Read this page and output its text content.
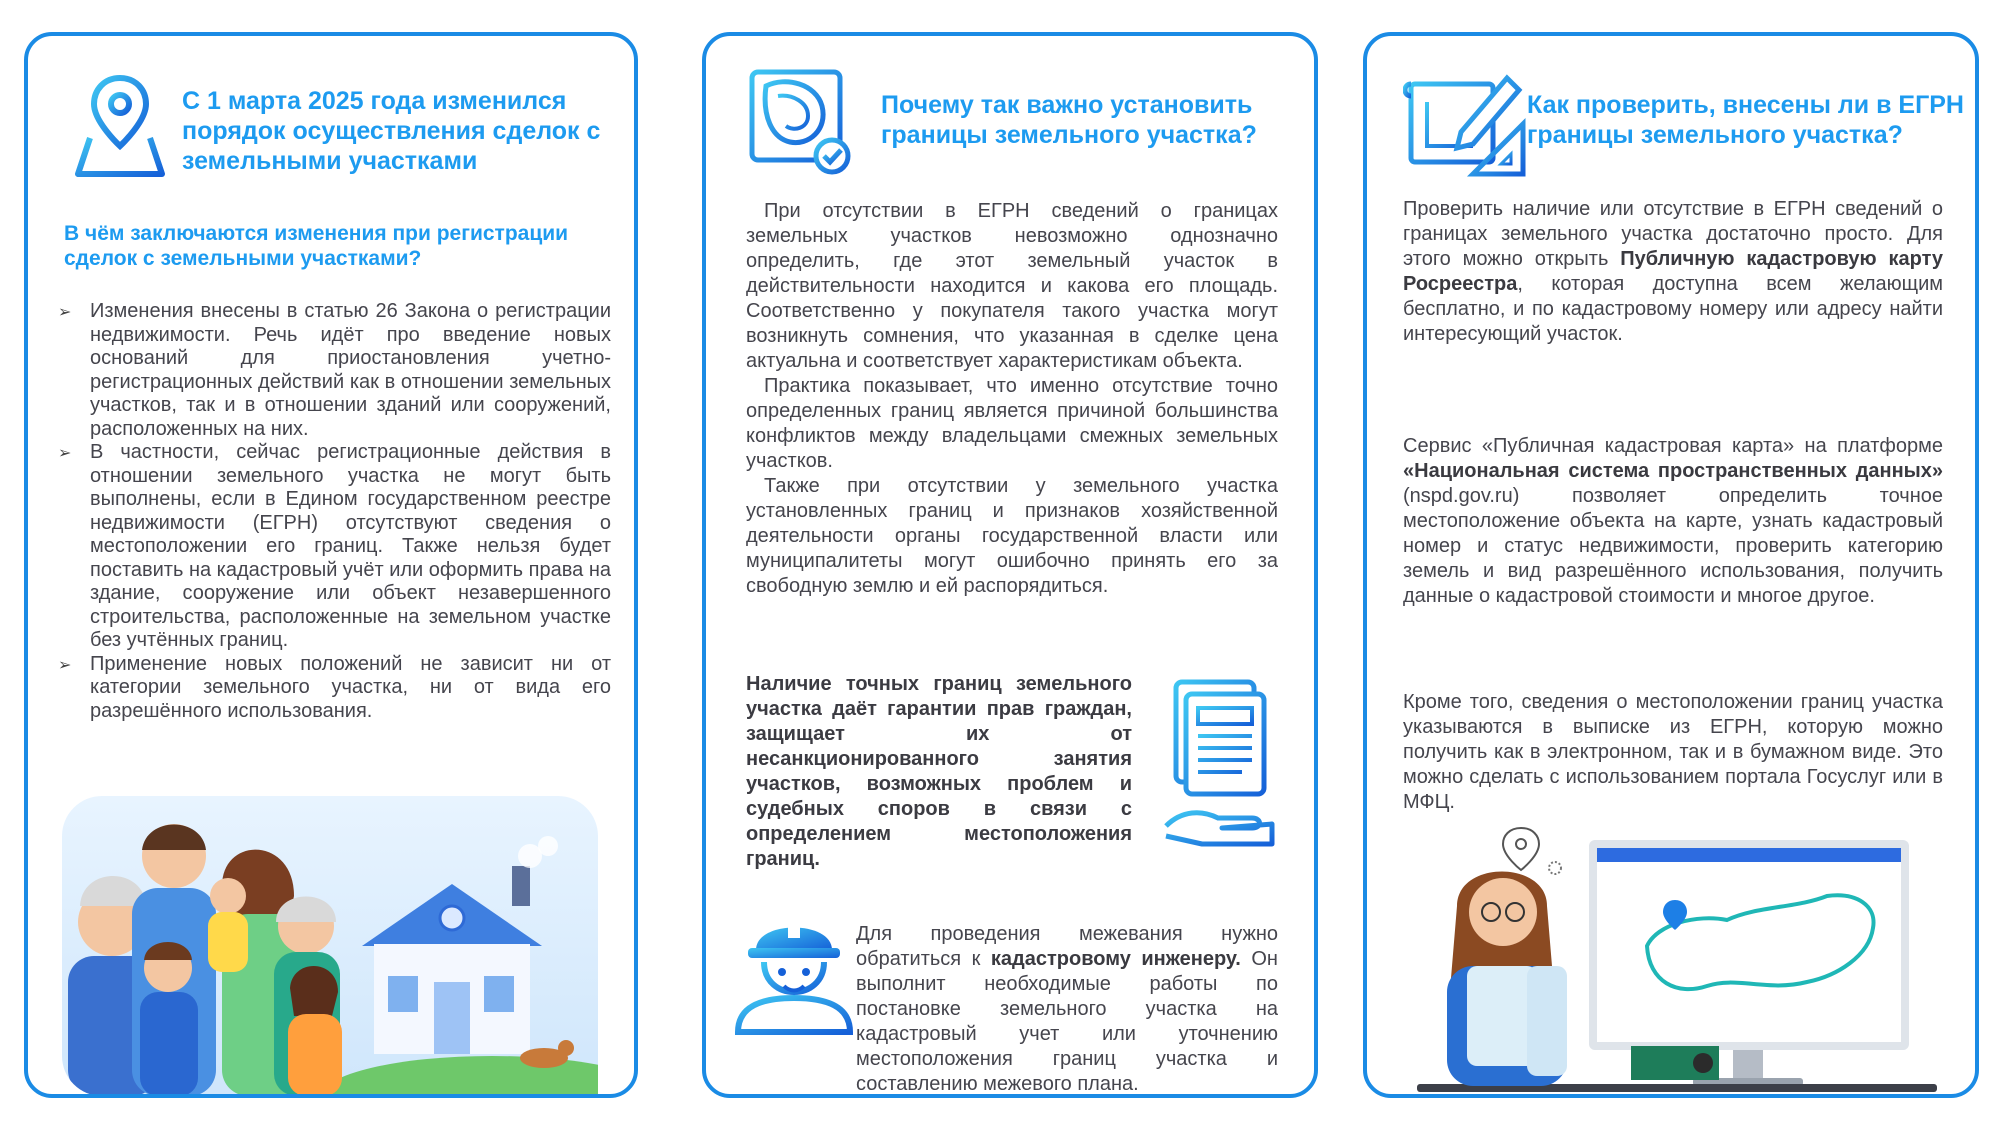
С 1 марта 2025 года изменился порядок осуществления сделок с земельными участками
В чём заключаются изменения при регистрации сделок с земельными участками?
➢ Изменения внесены в статью 26 Закона о регистрации недвижимости. Речь идёт про введение новых оснований для приостановления учетно-регистрационных действий как в отношении земельных участков, так и в отношении зданий или сооружений, расположенных на них.
➢ В частности, сейчас регистрационные действия в отношении земельного участка не могут быть выполнены, если в Едином государственном реестре недвижимости (ЕГРН) отсутствуют сведения о местоположении его границ. Также нельзя будет поставить на кадастровый учёт или оформить права на здание, сооружение или объект незавершенного строительства, расположенные на земельном участке без учтённых границ.
➢ Применение новых положений не зависит ни от категории земельного участка, ни от вида его разрешённого использования.
Почему так важно установить границы земельного участка?

При отсутствии в ЕГРН сведений о границах земельных участков невозможно однозначно определить, где этот земельный участок в действительности находится и какова его площадь. Соответственно у покупателя такого участка могут возникнуть сомнения, что указанная в сделке цена актуальна и соответствует характеристикам объекта.

Практика показывает, что именно отсутствие точно определенных границ является причиной большинства конфликтов между владельцами смежных земельных участков.

Также при отсутствии у земельного участка установленных границ и признаков хозяйственной деятельности органы государственной власти или муниципалитеты могут ошибочно принять его за свободную землю и ей распорядиться.

Наличие точных границ земельного участка даёт гарантии прав граждан, защищает их от несанкционированного занятия участков, возможных проблем и судебных споров в связи с определением местоположения границ.
Для проведения межевания нужно обратиться к кадастровому инженеру. Он выполнит необходимые работы по постановке земельного участка на кадастровый учет или уточнению местоположения границ участка и составлению межевого плана.
Как проверить, внесены ли в ЕГРН границы земельного участка?
Проверить наличие или отсутствие в ЕГРН сведений о границах земельного участка достаточно просто. Для этого можно открыть Публичную кадастровую карту Росреестра, которая доступна всем желающим бесплатно, и по кадастровому номеру или адресу найти интересующий участок.
Сервис «Публичная кадастровая карта» на платформе «Национальная система пространственных данных» (nspd.gov.ru) позволяет определить точное местоположение объекта на карте, узнать кадастровый номер и статус недвижимости, проверить категорию земель и вид разрешённого использования, получить данные о кадастровой стоимости и многое другое.
Кроме того, сведения о местоположении границ участка указываются в выписке из ЕГРН, которую можно получить как в электронном, так и в бумажном виде. Это можно сделать с использованием портала Госуслуг или в МФЦ.
